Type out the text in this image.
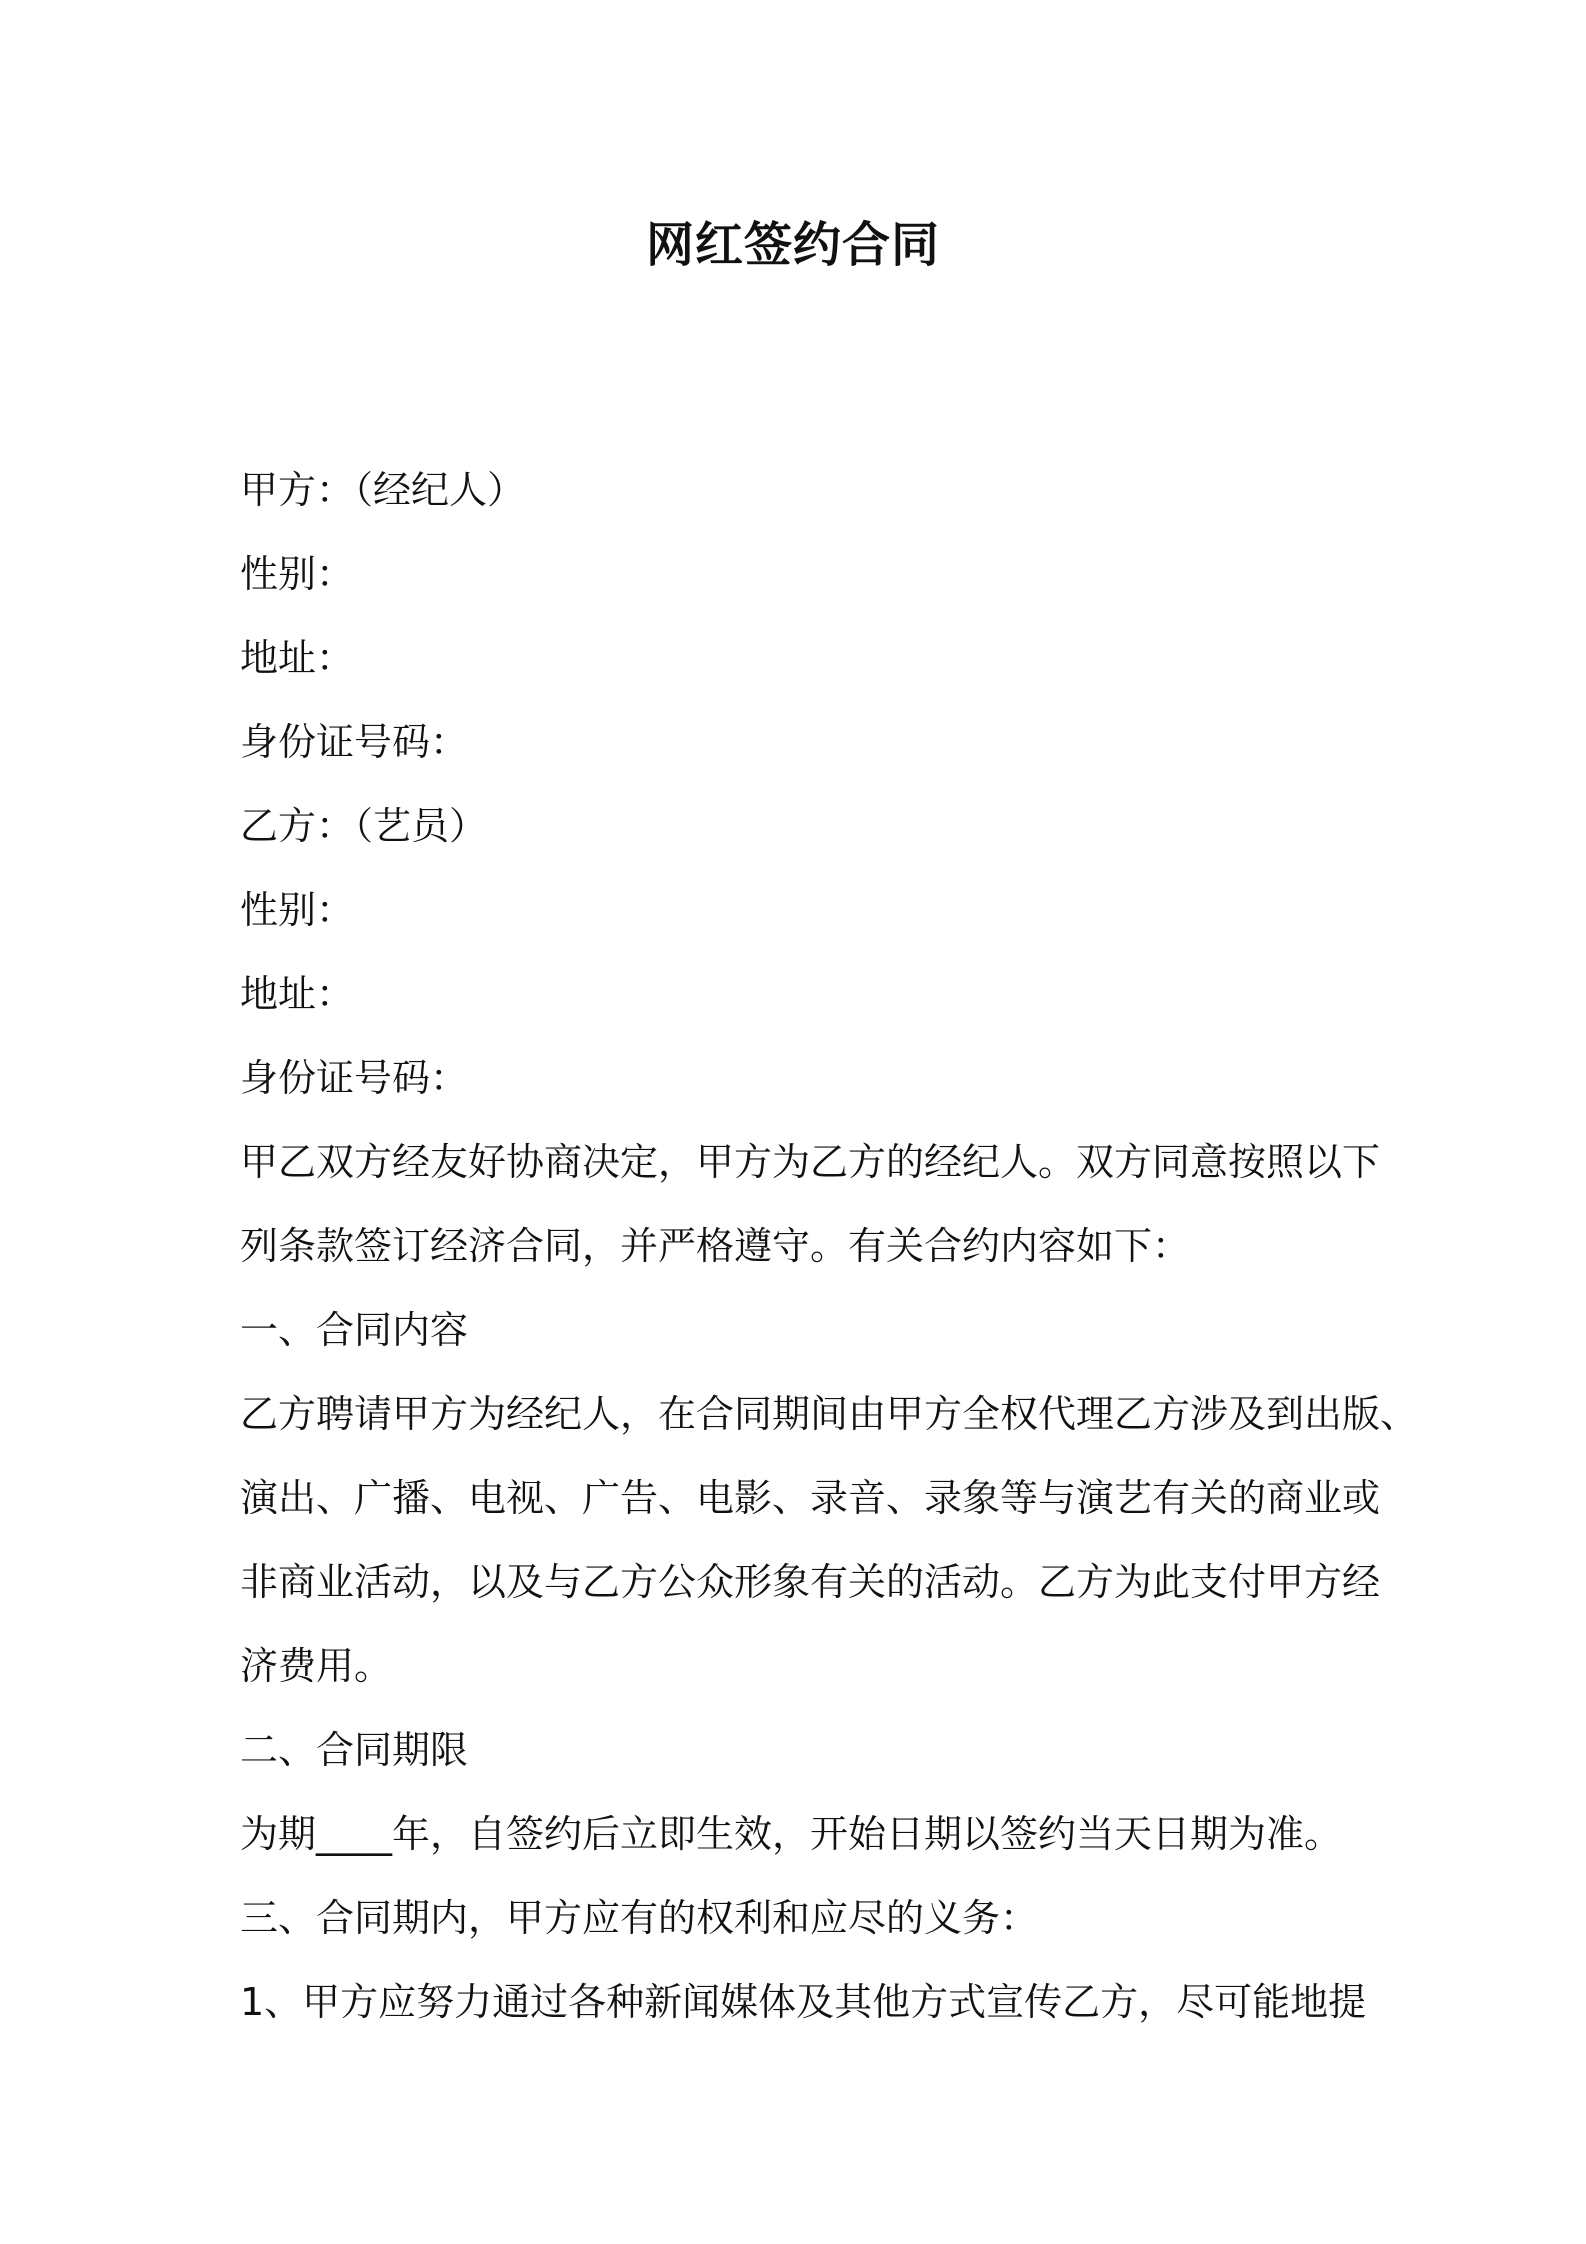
网红签约合同

甲方：（经纪人）

性别：

地址：

身份证号码：

乙方：（艺员）

性别：

地址：

身份证号码：

甲乙双方经友好协商决定，甲方为乙方的经纪人。双方同意按照以下

列条款签订经济合同，并严格遵守。有关合约内容如下：

一、合同内容

乙方聘请甲方为经纪人，在合同期间由甲方全权代理乙方涉及到出版、

演出、广播、电视、广告、电影、录音、录象等与演艺有关的商业或

非商业活动，以及与乙方公众形象有关的活动。乙方为此支付甲方经

济费用。

二、合同期限

为期____年，自签约后立即生效，开始日期以签约当天日期为准。

三、合同期内，甲方应有的权利和应尽的义务：

1、甲方应努力通过各种新闻媒体及其他方式宣传乙方，尽可能地提
